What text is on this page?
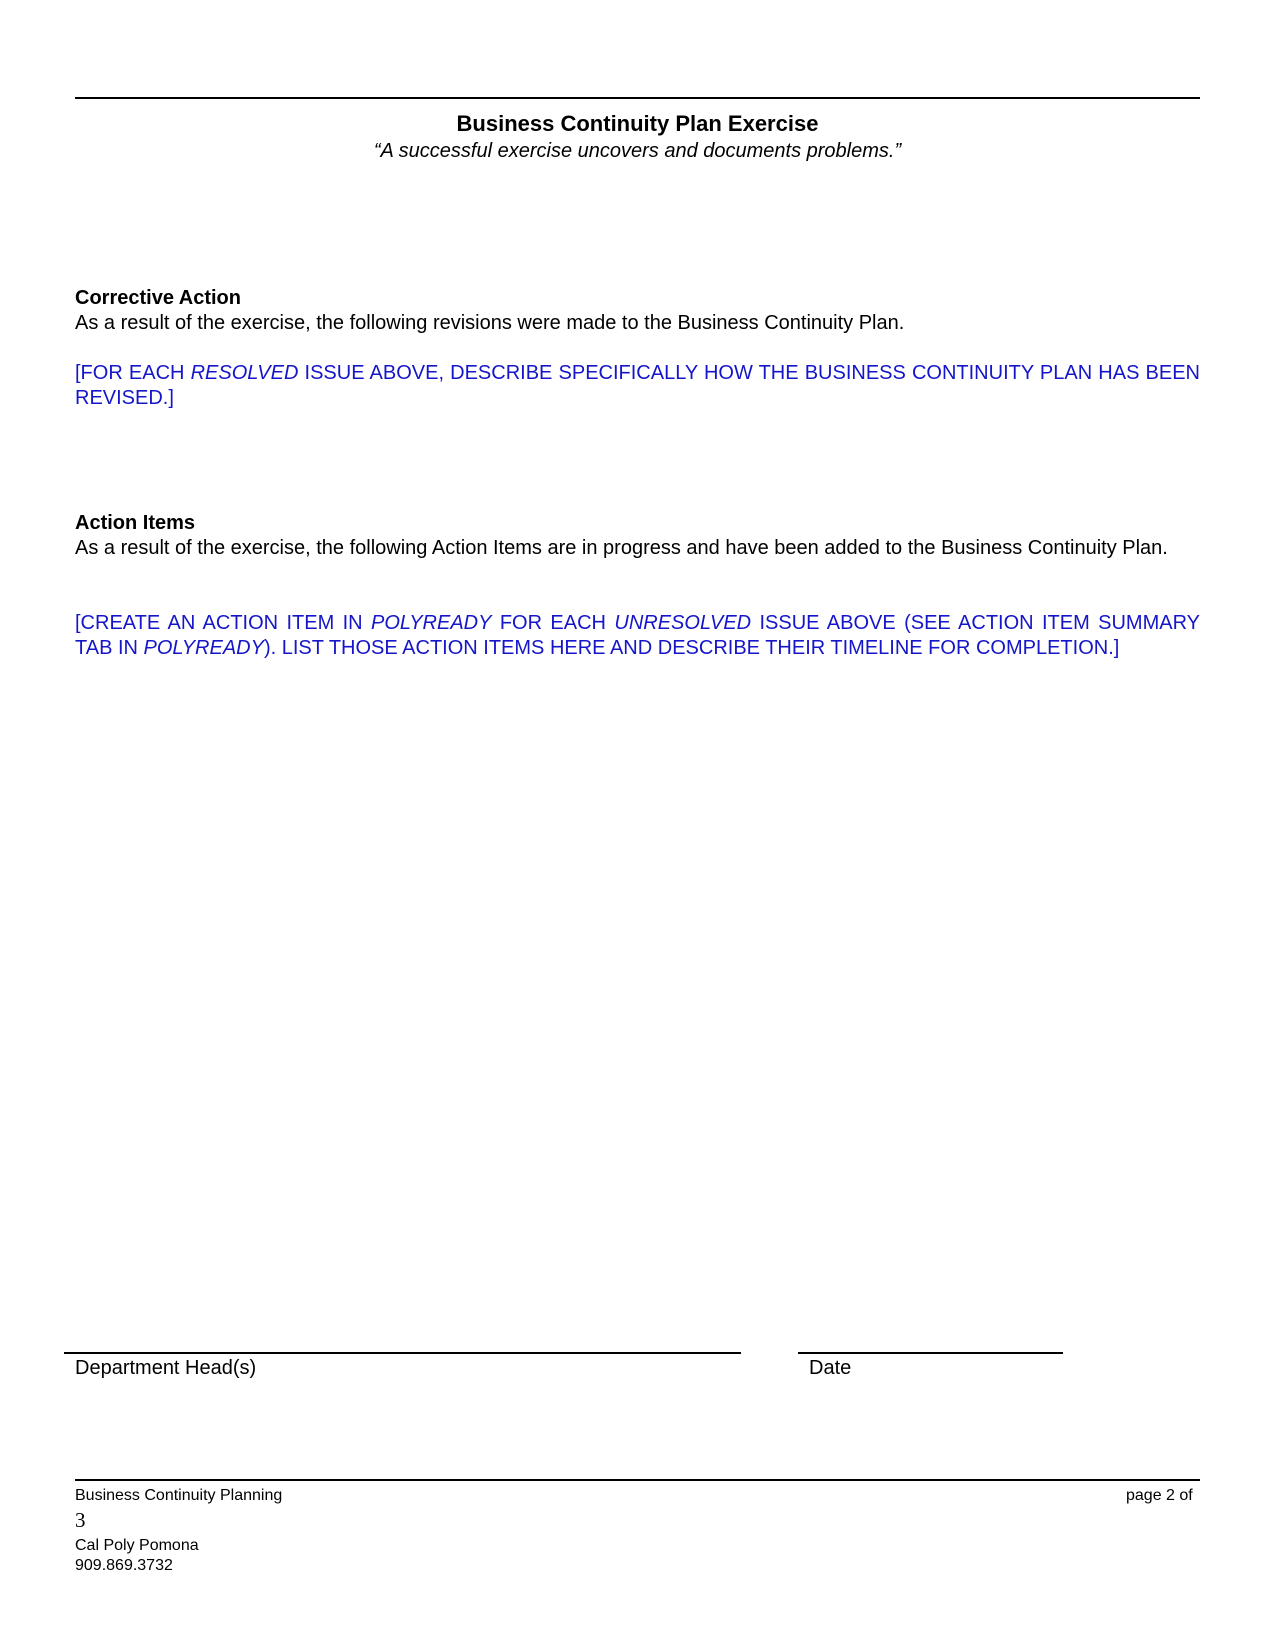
Business Continuity Plan Exercise
“A successful exercise uncovers and documents problems.”
Corrective Action
As a result of the exercise, the following revisions were made to the Business Continuity Plan.
[FOR EACH RESOLVED ISSUE ABOVE, DESCRIBE SPECIFICALLY HOW THE BUSINESS CONTINUITY PLAN HAS BEEN REVISED.]
Action Items
As a result of the exercise, the following Action Items are in progress and have been added to the Business Continuity Plan.
[CREATE AN ACTION ITEM IN POLYREADY FOR EACH UNRESOLVED ISSUE ABOVE (SEE ACTION ITEM SUMMARY TAB IN POLYREADY). LIST THOSE ACTION ITEMS HERE AND DESCRIBE THEIR TIMELINE FOR COMPLETION.]
Department Head(s)	Date
Business Continuity Planning	page 2 of
3
Cal Poly Pomona
909.869.3732
